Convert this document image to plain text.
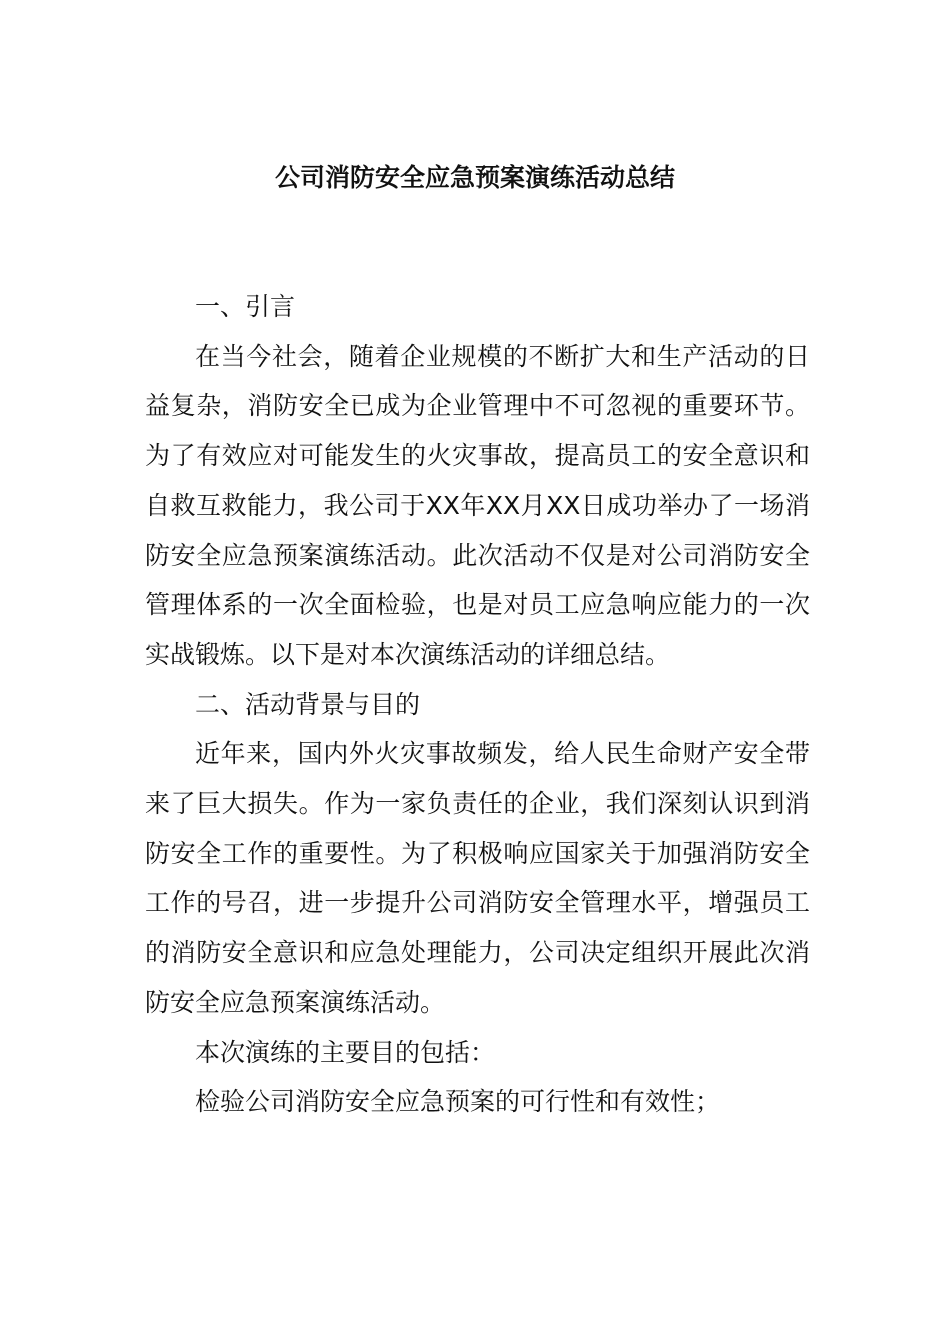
公司消防安全应急预案演练活动总结

一、引言

在当今社会，随着企业规模的不断扩大和生产活动的日益复杂，消防安全已成为企业管理中不可忽视的重要环节。为了有效应对可能发生的火灾事故，提高员工的安全意识和自救互救能力，我公司于XX年XX月XX日成功举办了一场消防安全应急预案演练活动。此次活动不仅是对公司消防安全管理体系的一次全面检验，也是对员工应急响应能力的一次实战锻炼。以下是对本次演练活动的详细总结。

二、活动背景与目的

近年来，国内外火灾事故频发，给人民生命财产安全带来了巨大损失。作为一家负责任的企业，我们深刻认识到消防安全工作的重要性。为了积极响应国家关于加强消防安全工作的号召，进一步提升公司消防安全管理水平，增强员工的消防安全意识和应急处理能力，公司决定组织开展此次消防安全应急预案演练活动。

本次演练的主要目的包括：

检验公司消防安全应急预案的可行性和有效性；
